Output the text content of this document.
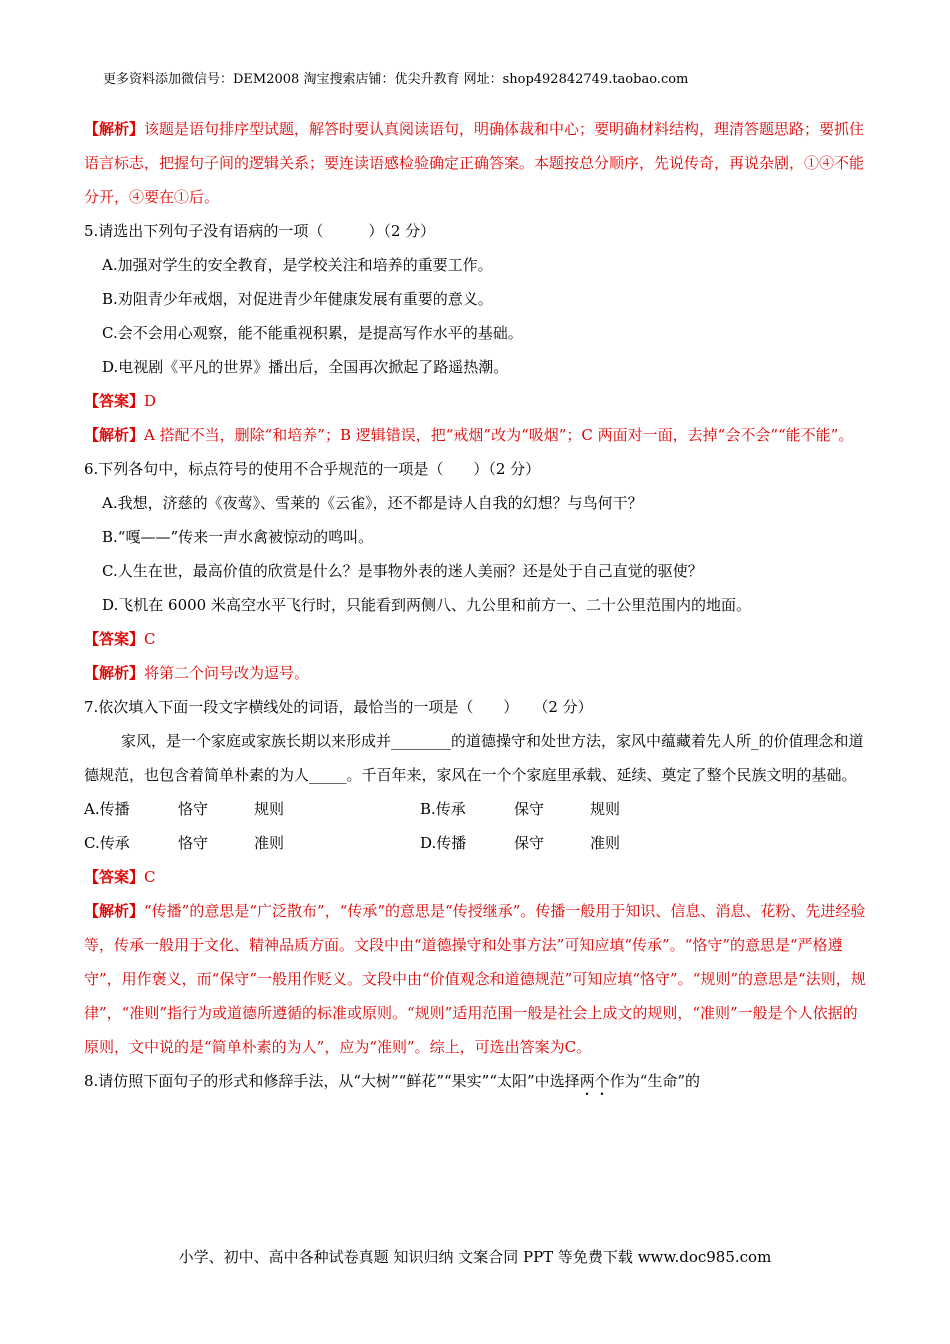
更多资料添加微信号：DEM2008 淘宝搜索店铺：优尖升教育 网址：shop492842749.taobao.com
【解析】该题是语句排序型试题，解答时要认真阅读语句，明确体裁和中心；要明确材料结构，理清答题思路；要抓住语言标志，把握句子间的逻辑关系；要连读语感检验确定正确答案。本题按总分顺序，先说传奇，再说杂剧，①④不能分开，④要在①后。
5.请选出下列句子没有语病的一项（　　　）（2 分）
A.加强对学生的安全教育，是学校关注和培养的重要工作。
B.劝阻青少年戒烟，对促进青少年健康发展有重要的意义。
C.会不会用心观察，能不能重视积累，是提高写作水平的基础。
D.电视剧《平凡的世界》播出后，全国再次掀起了路遥热潮。
【答案】D
【解析】A 搭配不当，删除“和培养”；B 逻辑错误，把“戒烟”改为“吸烟”；C 两面对一面，去掉“会不会”“能不能”。
6.下列各句中，标点符号的使用不合乎规范的一项是（　　）（2 分）
A.我想，济慈的《夜莺》、雪莱的《云雀》，还不都是诗人自我的幻想？与鸟何干？
B.“嘎——”传来一声水禽被惊动的鸣叫。
C.人生在世，最高价值的欣赏是什么？是事物外表的迷人美丽？还是处于自己直觉的驱使？
D.飞机在 6000 米高空水平飞行时，只能看到两侧八、九公里和前方一、二十公里范围内的地面。
【答案】C
【解析】将第二个问号改为逗号。
7.依次填入下面一段文字横线处的词语，最恰当的一项是（　　）　　（2 分）
家风，是一个家庭或家族长期以来形成并________的道德操守和处世方法，家风中蕴藏着先人所_的价值理念和道德规范，也包含着简单朴素的为人_____。千百年来，家风在一个个家庭里承载、延续、奠定了整个民族文明的基础。
A.传播	恪守	规则	B.传承	保守	规则
C.传承	恪守	准则	D.传播	保守	准则
【答案】C
【解析】“传播”的意思是“广泛散布”，“传承”的意思是“传授继承”。传播一般用于知识、信息、消息、花粉、先进经验等，传承一般用于文化、精神品质方面。文段中由“道德操守和处事方法”可知应填“传承”。“恪守”的意思是“严格遵守”，用作褒义，而“保守”一般用作贬义。文段中由“价值观念和道德规范”可知应填“恪守”。“规则”的意思是“法则，规律”，“准则”指行为或道德所遵循的标准或原则。“规则”适用范围一般是社会上成文的规则，“准则”一般是个人依据的原则，文中说的是“简单朴素的为人”，应为“准则”。综上，可选出答案为C。
8.请仿照下面句子的形式和修辞手法，从“大树”“鲜花”“果实”“太阳”中选择两个作为“生命”的
小学、初中、高中各种试卷真题 知识归纳 文案合同 PPT 等免费下载 www.doc985.com
